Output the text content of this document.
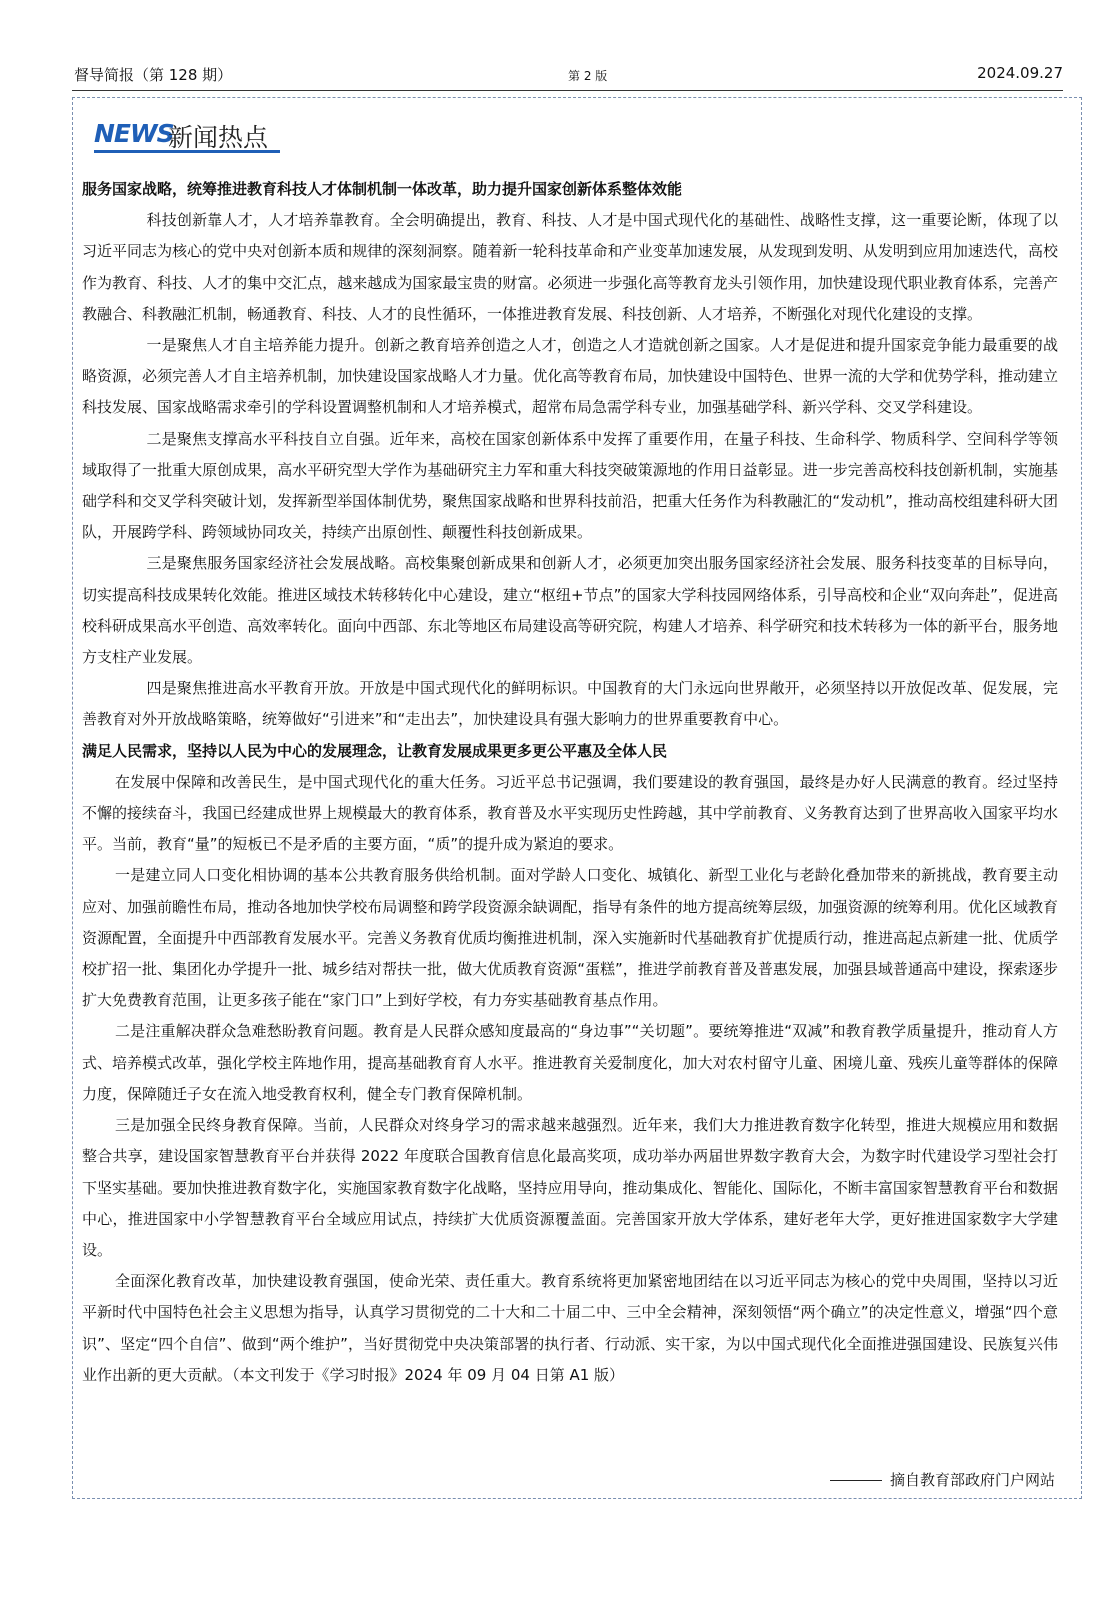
督导简报（第 128 期）	第 2 版	2024.09.27
NEWS
新闻热点

服务国家战略，统筹推进教育科技人才体制机制一体改革，助力提升国家创新体系整体效能

科技创新靠人才，人才培养靠教育。全会明确提出，教育、科技、人才是中国式现代化的基础性、战略性支撑，这一重要论断，体现了以习近平同志为核心的党中央对创新本质和规律的深刻洞察。随着新一轮科技革命和产业变革加速发展，从发现到发明、从发明到应用加速迭代，高校作为教育、科技、人才的集中交汇点，越来越成为国家最宝贵的财富。必须进一步强化高等教育龙头引领作用，加快建设现代职业教育体系，完善产教融合、科教融汇机制，畅通教育、科技、人才的良性循环，一体推进教育发展、科技创新、人才培养，不断强化对现代化建设的支撑。

一是聚焦人才自主培养能力提升。创新之教育培养创造之人才，创造之人才造就创新之国家。人才是促进和提升国家竞争能力最重要的战略资源，必须完善人才自主培养机制，加快建设国家战略人才力量。优化高等教育布局，加快建设中国特色、世界一流的大学和优势学科，推动建立科技发展、国家战略需求牵引的学科设置调整机制和人才培养模式，超常布局急需学科专业，加强基础学科、新兴学科、交叉学科建设。

二是聚焦支撑高水平科技自立自强。近年来，高校在国家创新体系中发挥了重要作用，在量子科技、生命科学、物质科学、空间科学等领域取得了一批重大原创成果，高水平研究型大学作为基础研究主力军和重大科技突破策源地的作用日益彰显。进一步完善高校科技创新机制，实施基础学科和交叉学科突破计划，发挥新型举国体制优势，聚焦国家战略和世界科技前沿，把重大任务作为科教融汇的“发动机”，推动高校组建科研大团队，开展跨学科、跨领域协同攻关，持续产出原创性、颠覆性科技创新成果。

三是聚焦服务国家经济社会发展战略。高校集聚创新成果和创新人才，必须更加突出服务国家经济社会发展、服务科技变革的目标导向，切实提高科技成果转化效能。推进区域技术转移转化中心建设，建立“枢纽+节点”的国家大学科技园网络体系，引导高校和企业“双向奔赴”，促进高校科研成果高水平创造、高效率转化。面向中西部、东北等地区布局建设高等研究院，构建人才培养、科学研究和技术转移为一体的新平台，服务地方支柱产业发展。

四是聚焦推进高水平教育开放。开放是中国式现代化的鲜明标识。中国教育的大门永远向世界敞开，必须坚持以开放促改革、促发展，完善教育对外开放战略策略，统筹做好“引进来”和“走出去”，加快建设具有强大影响力的世界重要教育中心。

满足人民需求，坚持以人民为中心的发展理念，让教育发展成果更多更公平惠及全体人民

在发展中保障和改善民生，是中国式现代化的重大任务。习近平总书记强调，我们要建设的教育强国，最终是办好人民满意的教育。经过坚持不懈的接续奋斗，我国已经建成世界上规模最大的教育体系，教育普及水平实现历史性跨越，其中学前教育、义务教育达到了世界高收入国家平均水平。当前，教育“量”的短板已不是矛盾的主要方面，“质”的提升成为紧迫的要求。

一是建立同人口变化相协调的基本公共教育服务供给机制。面对学龄人口变化、城镇化、新型工业化与老龄化叠加带来的新挑战，教育要主动应对、加强前瞻性布局，推动各地加快学校布局调整和跨学段资源余缺调配，指导有条件的地方提高统筹层级，加强资源的统筹利用。优化区域教育资源配置，全面提升中西部教育发展水平。完善义务教育优质均衡推进机制，深入实施新时代基础教育扩优提质行动，推进高起点新建一批、优质学校扩招一批、集团化办学提升一批、城乡结对帮扶一批，做大优质教育资源“蛋糕”，推进学前教育普及普惠发展，加强县域普通高中建设，探索逐步扩大免费教育范围，让更多孩子能在“家门口”上到好学校，有力夯实基础教育基点作用。

二是注重解决群众急难愁盼教育问题。教育是人民群众感知度最高的“身边事”“关切题”。要统筹推进“双减”和教育教学质量提升，推动育人方式、培养模式改革，强化学校主阵地作用，提高基础教育育人水平。推进教育关爱制度化，加大对农村留守儿童、困境儿童、残疾儿童等群体的保障力度，保障随迁子女在流入地受教育权利，健全专门教育保障机制。

三是加强全民终身教育保障。当前，人民群众对终身学习的需求越来越强烈。近年来，我们大力推进教育数字化转型，推进大规模应用和数据整合共享，建设国家智慧教育平台并获得 2022 年度联合国教育信息化最高奖项，成功举办两届世界数字教育大会，为数字时代建设学习型社会打下坚实基础。要加快推进教育数字化，实施国家教育数字化战略，坚持应用导向，推动集成化、智能化、国际化，不断丰富国家智慧教育平台和数据中心，推进国家中小学智慧教育平台全域应用试点，持续扩大优质资源覆盖面。完善国家开放大学体系，建好老年大学，更好推进国家数字大学建设。

全面深化教育改革，加快建设教育强国，使命光荣、责任重大。教育系统将更加紧密地团结在以习近平同志为核心的党中央周围，坚持以习近平新时代中国特色社会主义思想为指导，认真学习贯彻党的二十大和二十届二中、三中全会精神，深刻领悟“两个确立”的决定性意义，增强“四个意识”、坚定“四个自信”、做到“两个维护”，当好贯彻党中央决策部署的执行者、行动派、实干家，为以中国式现代化全面推进强国建设、民族复兴伟业作出新的更大贡献。（本文刊发于《学习时报》2024 年 09 月 04 日第 A1 版）

摘自教育部政府门户网站
